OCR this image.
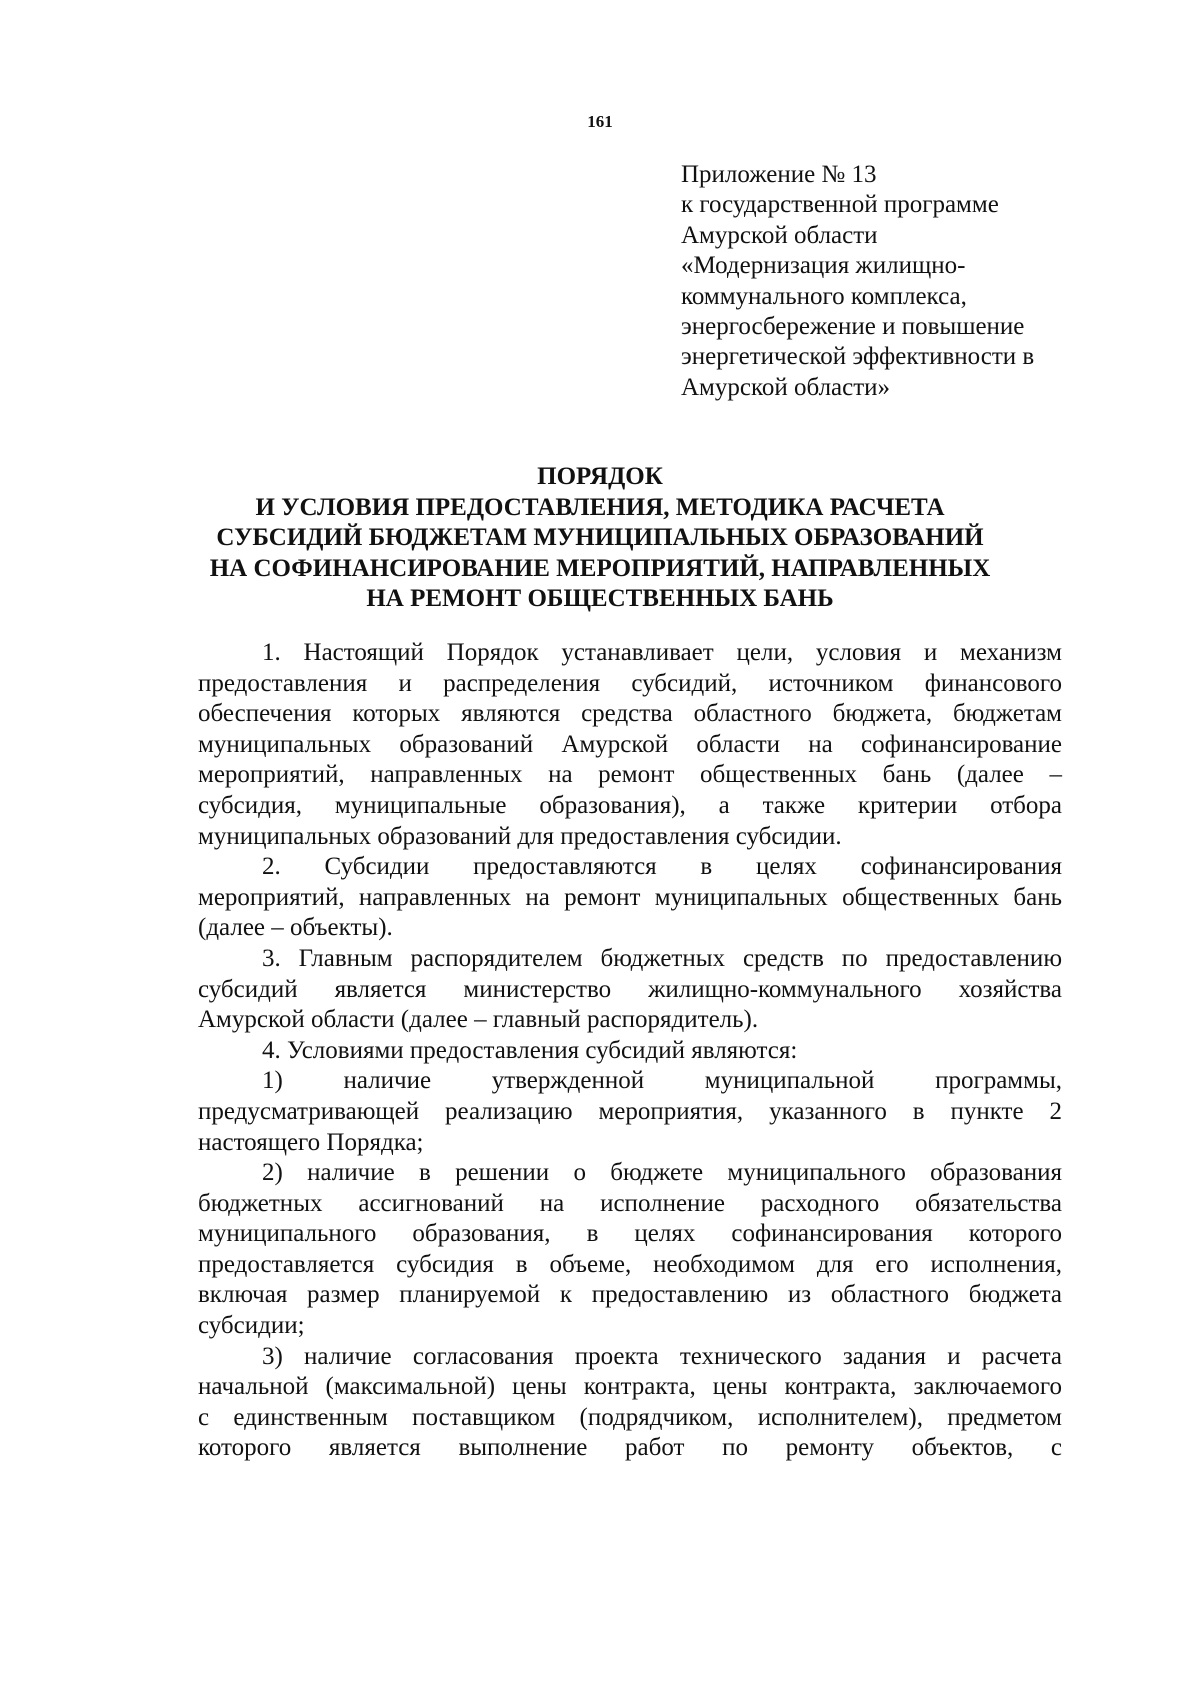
161
Приложение № 13
к государственной программе
Амурской области
«Модернизация жилищно-
коммунального комплекса,
энергосбережение и повышение
энергетической эффективности в
Амурской области»
ПОРЯДОК
И УСЛОВИЯ ПРЕДОСТАВЛЕНИЯ, МЕТОДИКА РАСЧЕТА
СУБСИДИЙ БЮДЖЕТАМ МУНИЦИПАЛЬНЫХ ОБРАЗОВАНИЙ
НА СОФИНАНСИРОВАНИЕ МЕРОПРИЯТИЙ, НАПРАВЛЕННЫХ
НА РЕМОНТ ОБЩЕСТВЕННЫХ БАНЬ
1. Настоящий Порядок устанавливает цели, условия и механизм
предоставления и распределения субсидий, источником финансового
обеспечения которых являются средства областного бюджета, бюджетам
муниципальных образований Амурской области на софинансирование
мероприятий, направленных на ремонт общественных бань (далее –
субсидия, муниципальные образования), а также критерии отбора
муниципальных образований для предоставления субсидии.
2. Субсидии предоставляются в целях софинансирования
мероприятий, направленных на ремонт муниципальных общественных бань
(далее – объекты).
3. Главным распорядителем бюджетных средств по предоставлению
субсидий является министерство жилищно-коммунального хозяйства
Амурской области (далее – главный распорядитель).
4. Условиями предоставления субсидий являются:
1) наличие утвержденной муниципальной программы,
предусматривающей реализацию мероприятия, указанного в пункте 2
настоящего Порядка;
2) наличие в решении о бюджете муниципального образования
бюджетных ассигнований на исполнение расходного обязательства
муниципального образования, в целях софинансирования которого
предоставляется субсидия в объеме, необходимом для его исполнения,
включая размер планируемой к предоставлению из областного бюджета
субсидии;
3) наличие согласования проекта технического задания и расчета
начальной (максимальной) цены контракта, цены контракта, заключаемого
с единственным поставщиком (подрядчиком, исполнителем), предметом
которого является выполнение работ по ремонту объектов, с
